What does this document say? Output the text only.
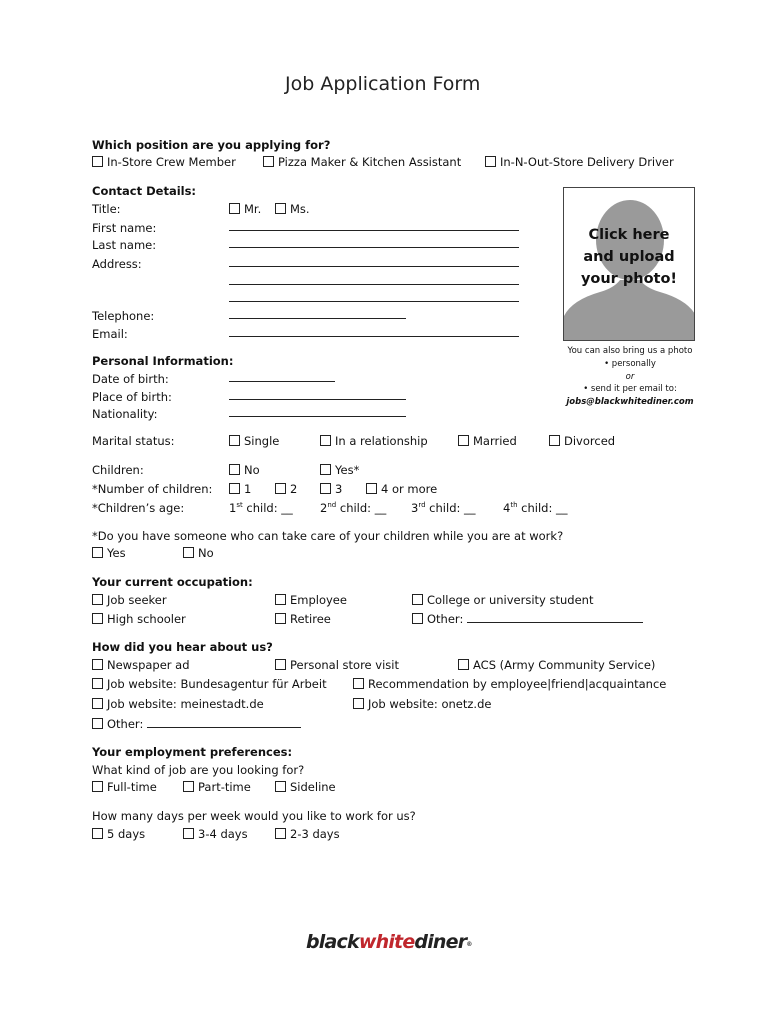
Job Application Form
Which position are you applying for?
In-Store Crew Member	Pizza Maker & Kitchen Assistant	In-N-Out-Store Delivery Driver
Contact Details:
Title:	Mr.	Ms.
First name:
Last name:
Address:
Telephone:
Email:
Click here
and upload
your photo!
You can also bring us a photo
• personally
or
• send it per email to:
jobs@blackwhitediner.com
Personal Information:
Date of birth:
Place of birth:
Nationality:
Marital status:	Single	In a relationship	Married	Divorced
Children:	No	Yes*
*Number of children:	1	2	3	4 or more
*Children’s age:	1st child: __ 2nd child: __ 3rd child: __ 4th child: __
*Do you have someone who can take care of your children while you are at work?
Yes	No
Your current occupation:
Job seeker	Employee	College or university student
High schooler	Retiree	Other:
How did you hear about us?
Newspaper ad	Personal store visit	ACS (Army Community Service)
Job website: Bundesagentur für Arbeit	Recommendation by employee|friend|acquaintance
Job website: meinestadt.de	Job website: onetz.de
Other:
Your employment preferences:
What kind of job are you looking for?
Full-time	Part-time	Sideline
How many days per week would you like to work for us?
5 days	3-4 days	2-3 days
blackwhitediner®
